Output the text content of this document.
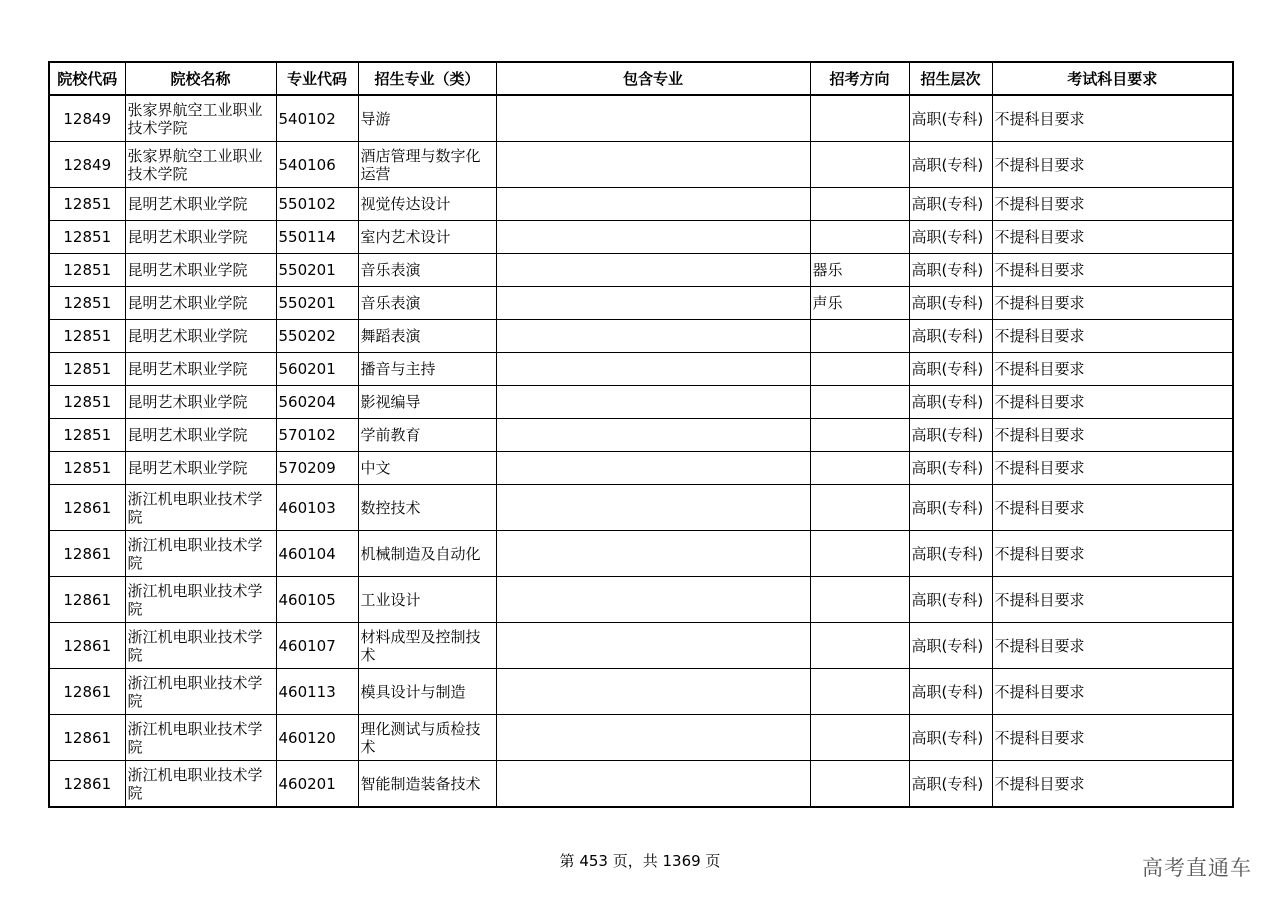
院校代码	院校名称	专业代码	招生专业（类）	包含专业	招考方向	招生层次	考试科目要求
12849	张家界航空工业职业技术学院	540102	导游			高职(专科)	不提科目要求
12849	张家界航空工业职业技术学院	540106	酒店管理与数字化运营			高职(专科)	不提科目要求
12851	昆明艺术职业学院	550102	视觉传达设计			高职(专科)	不提科目要求
12851	昆明艺术职业学院	550114	室内艺术设计			高职(专科)	不提科目要求
12851	昆明艺术职业学院	550201	音乐表演		器乐	高职(专科)	不提科目要求
12851	昆明艺术职业学院	550201	音乐表演		声乐	高职(专科)	不提科目要求
12851	昆明艺术职业学院	550202	舞蹈表演			高职(专科)	不提科目要求
12851	昆明艺术职业学院	560201	播音与主持			高职(专科)	不提科目要求
12851	昆明艺术职业学院	560204	影视编导			高职(专科)	不提科目要求
12851	昆明艺术职业学院	570102	学前教育			高职(专科)	不提科目要求
12851	昆明艺术职业学院	570209	中文			高职(专科)	不提科目要求
12861	浙江机电职业技术学院	460103	数控技术			高职(专科)	不提科目要求
12861	浙江机电职业技术学院	460104	机械制造及自动化			高职(专科)	不提科目要求
12861	浙江机电职业技术学院	460105	工业设计			高职(专科)	不提科目要求
12861	浙江机电职业技术学院	460107	材料成型及控制技术			高职(专科)	不提科目要求
12861	浙江机电职业技术学院	460113	模具设计与制造			高职(专科)	不提科目要求
12861	浙江机电职业技术学院	460120	理化测试与质检技术			高职(专科)	不提科目要求
12861	浙江机电职业技术学院	460201	智能制造装备技术			高职(专科)	不提科目要求
第 453 页，共 1369 页	高考直通车
